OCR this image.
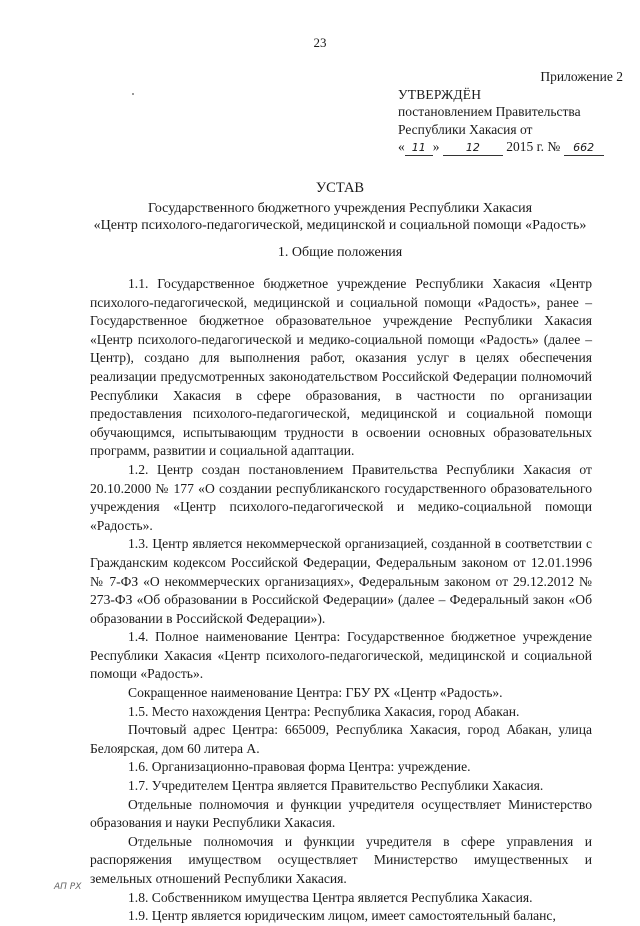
23
Приложение 2
УТВЕРЖДЁН
постановлением Правительства
Республики Хакасия от
« 11 » 12 2015 г. № 662
УСТАВ
Государственного бюджетного учреждения Республики Хакасия
«Центр психолого-педагогической, медицинской и социальной помощи «Радость»
1. Общие положения

1.1. Государственное бюджетное учреждение Республики Хакасия «Центр психолого-педагогической, медицинской и социальной помощи «Радость», ранее – Государственное бюджетное образовательное учреждение Республики Хакасия «Центр психолого-педагогической и медико-социальной помощи «Радость» (далее – Центр), создано для выполнения работ, оказания услуг в целях обеспечения реализации предусмотренных законодательством Российской Федерации полномочий Республики Хакасия в сфере образования, в частности по организации предоставления психолого-педагогической, медицинской и социальной помощи обучающимся, испытывающим трудности в освоении основных образовательных программ, развитии и социальной адаптации.

1.2. Центр создан постановлением Правительства Республики Хакасия от 20.10.2000 № 177 «О создании республиканского государственного образовательного учреждения «Центр психолого-педагогической и медико-социальной помощи «Радость».

1.3. Центр является некоммерческой организацией, созданной в соответствии с Гражданским кодексом Российской Федерации, Федеральным законом от 12.01.1996 № 7-ФЗ «О некоммерческих организациях», Федеральным законом от 29.12.2012 № 273-ФЗ «Об образовании в Российской Федерации» (далее – Федеральный закон «Об образовании в Российской Федерации»).

1.4. Полное наименование Центра: Государственное бюджетное учреждение Республики Хакасия «Центр психолого-педагогической, медицинской и социальной помощи «Радость».

Сокращенное наименование Центра: ГБУ РХ «Центр «Радость».

1.5. Место нахождения Центра: Республика Хакасия, город Абакан.

Почтовый адрес Центра: 665009, Республика Хакасия, город Абакан, улица Белоярская, дом 60 литера А.

1.6. Организационно-правовая форма Центра: учреждение.

1.7. Учредителем Центра является Правительство Республики Хакасия.

Отдельные полномочия и функции учредителя осуществляет Министерство образования и науки Республики Хакасия.

Отдельные полномочия и функции учредителя в сфере управления и распоряжения имуществом осуществляет Министерство имущественных и земельных отношений Республики Хакасия.

1.8. Собственником имущества Центра является Республика Хакасия.

1.9. Центр является юридическим лицом, имеет самостоятельный баланс,

АП РХ
